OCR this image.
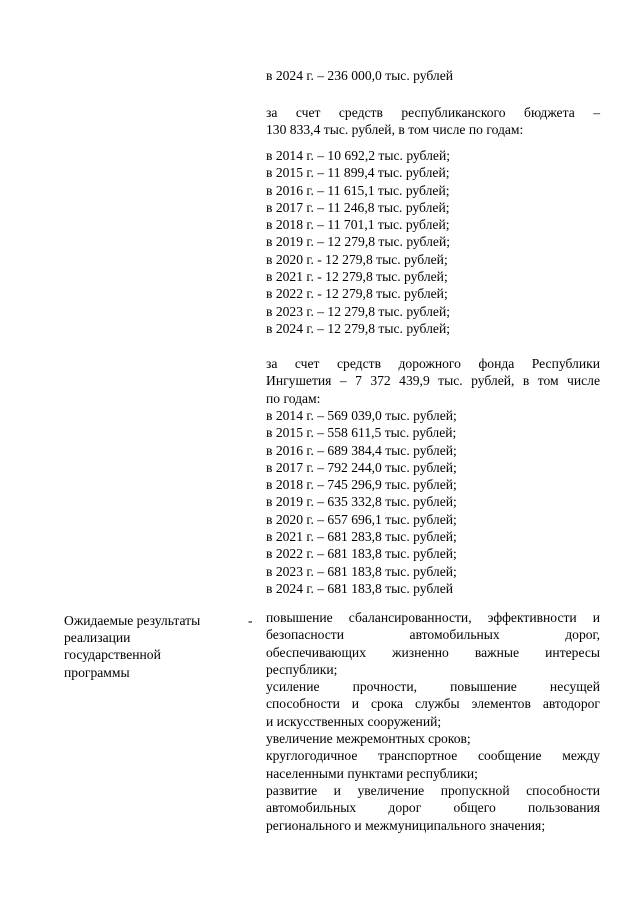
в 2024 г. – 236 000,0 тыс. рублей
за счет средств республиканского бюджета –
130 833,4 тыс. рублей, в том числе по годам:
в 2014 г. – 10 692,2 тыс. рублей;
в 2015 г. – 11 899,4 тыс. рублей;
в 2016 г. – 11 615,1 тыс. рублей;
в 2017 г. – 11 246,8 тыс. рублей;
в 2018 г. – 11 701,1 тыс. рублей;
в 2019 г. – 12 279,8 тыс. рублей;
в 2020 г. - 12 279,8 тыс. рублей;
в 2021 г. - 12 279,8 тыс. рублей;
в 2022 г. - 12 279,8 тыс. рублей;
в 2023 г. – 12 279,8 тыс. рублей;
в 2024 г. – 12 279,8 тыс. рублей;
за счет средств дорожного фонда Республики
Ингушетия – 7 372 439,9 тыс. рублей, в том числе
по годам:
в 2014 г. – 569 039,0 тыс. рублей;
в 2015 г. – 558 611,5 тыс. рублей;
в 2016 г. – 689 384,4 тыс. рублей;
в 2017 г. – 792 244,0 тыс. рублей;
в 2018 г. – 745 296,9 тыс. рублей;
в 2019 г. – 635 332,8 тыс. рублей;
в 2020 г. – 657 696,1 тыс. рублей;
в 2021 г. – 681 283,8 тыс. рублей;
в 2022 г. – 681 183,8 тыс. рублей;
в 2023 г. – 681 183,8 тыс. рублей;
в 2024 г. – 681 183,8 тыс. рублей
Ожидаемые результаты
реализации
государственной
программы
- повышение сбалансированности, эффективности и
безопасности автомобильных дорог,
обеспечивающих жизненно важные интересы
республики;
усиление прочности, повышение несущей
способности и срока службы элементов автодорог
и искусственных сооружений;
увеличение межремонтных сроков;
круглогодичное транспортное сообщение между
населенными пунктами республики;
развитие и увеличение пропускной способности
автомобильных дорог общего пользования
регионального и межмуниципального значения;
